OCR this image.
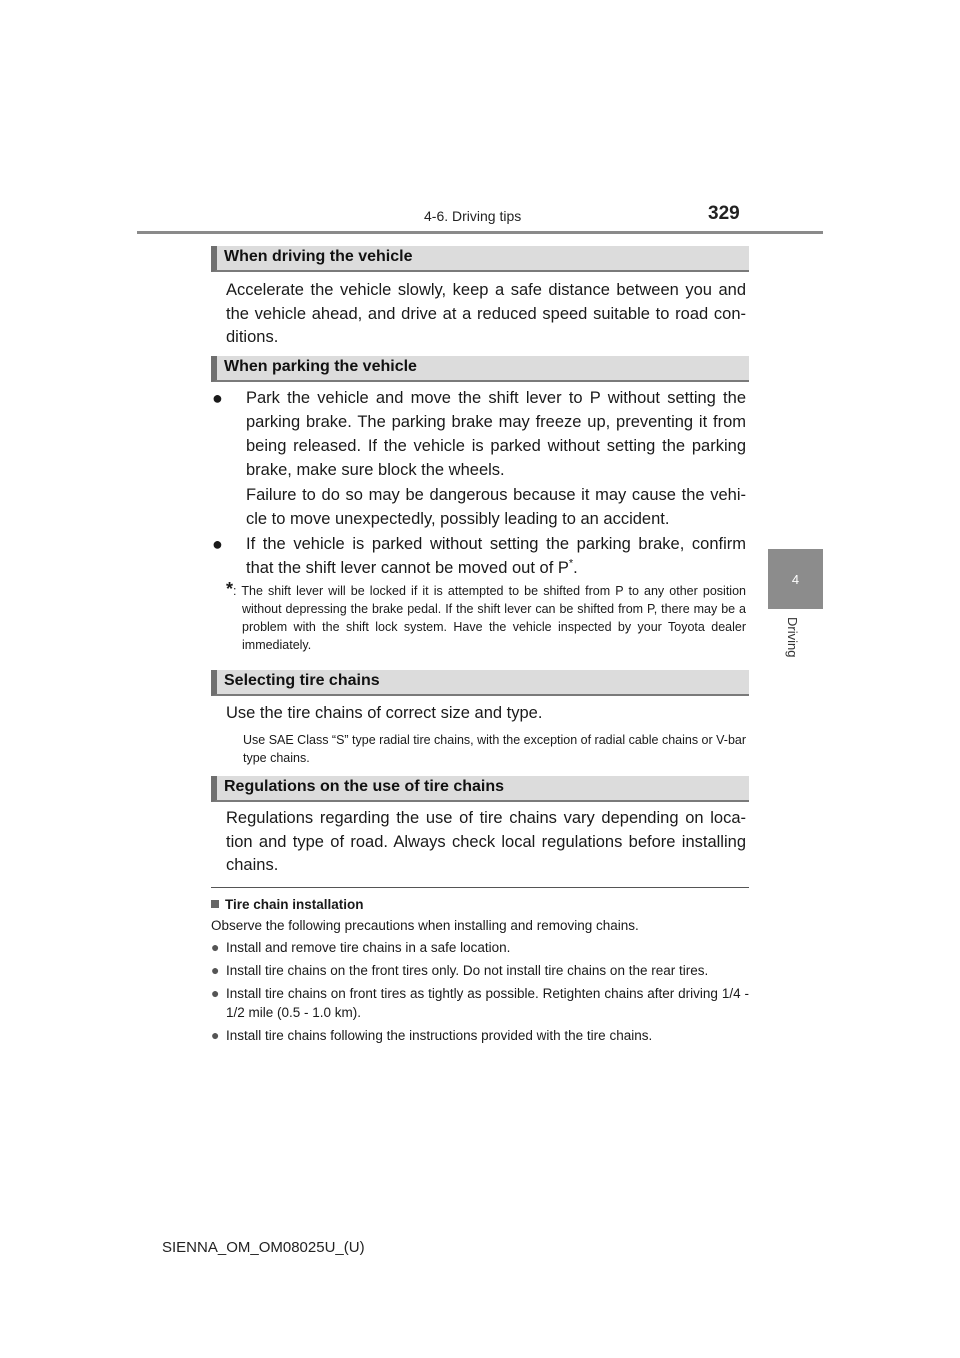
4-6. Driving tips	329
4
Driving
When driving the vehicle
Accelerate the vehicle slowly, keep a safe distance between you and the vehicle ahead, and drive at a reduced speed suitable to road con-ditions.
When parking the vehicle
● Park the vehicle and move the shift lever to P without setting the parking brake. The parking brake may freeze up, preventing it from being released. If the vehicle is parked without setting the parking brake, make sure block the wheels.

Failure to do so may be dangerous because it may cause the vehi-cle to move unexpectedly, possibly leading to an accident.

● If the vehicle is parked without setting the parking brake, confirm that the shift lever cannot be moved out of P*.

*: The shift lever will be locked if it is attempted to be shifted from P to any other position without depressing the brake pedal. If the shift lever can be shifted from P, there may be a problem with the shift lock system. Have the vehicle inspected by your Toyota dealer immediately.
Selecting tire chains
Use the tire chains of correct size and type.
Use SAE Class “S” type radial tire chains, with the exception of radial cable chains or V-bar type chains.
Regulations on the use of tire chains
Regulations regarding the use of tire chains vary depending on loca-tion and type of road. Always check local regulations before installing chains.
Tire chain installation
Observe the following precautions when installing and removing chains.
● Install and remove tire chains in a safe location.
● Install tire chains on the front tires only. Do not install tire chains on the rear tires.
● Install tire chains on front tires as tightly as possible. Retighten chains after driving 1/4 - 1/2 mile (0.5 - 1.0 km).
● Install tire chains following the instructions provided with the tire chains.
SIENNA_OM_OM08025U_(U)
